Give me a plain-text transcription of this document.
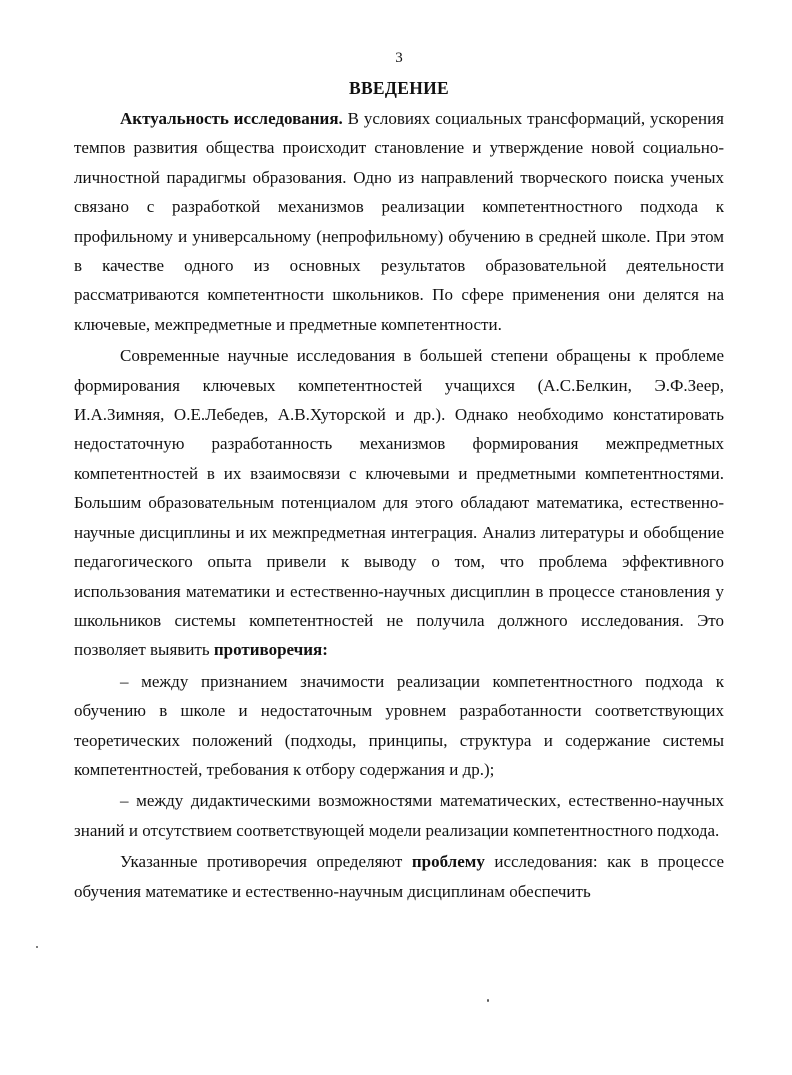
3
ВВЕДЕНИЕ

Актуальность исследования. В условиях социальных трансформаций, ускорения темпов развития общества происходит становление и утверждение новой социально-личностной парадигмы образования. Одно из направлений творческого поиска ученых связано с разработкой механизмов реализации компетентностного подхода к профильному и универсальному (непрофильному) обучению в средней школе. При этом в качестве одного из основных результатов образовательной деятельности рассматриваются компетентности школьников. По сфере применения они делятся на ключевые, межпредметные и предметные компетентности.

Современные научные исследования в большей степени обращены к проблеме формирования ключевых компетентностей учащихся (А.С.Белкин, Э.Ф.Зеер, И.А.Зимняя, О.Е.Лебедев, А.В.Хуторской и др.). Однако необходимо констатировать недостаточную разработанность механизмов формирования межпредметных компетентностей в их взаимосвязи с ключевыми и предметными компетентностями. Большим образовательным потенциалом для этого обладают математика, естественно-научные дисциплины и их межпредметная интеграция. Анализ литературы и обобщение педагогического опыта привели к выводу о том, что проблема эффективного использования математики и естественно-научных дисциплин в процессе становления у школьников системы компетентностей не получила должного исследования. Это позволяет выявить противоречия:

– между признанием значимости реализации компетентностного подхода к обучению в школе и недостаточным уровнем разработанности соответствующих теоретических положений (подходы, принципы, структура и содержание системы компетентностей, требования к отбору содержания и др.);

– между дидактическими возможностями математических, естественно-научных знаний и отсутствием соответствующей модели реализации компетентностного подхода.

Указанные противоречия определяют проблему исследования: как в процессе обучения математике и естественно-научным дисциплинам обеспечить
